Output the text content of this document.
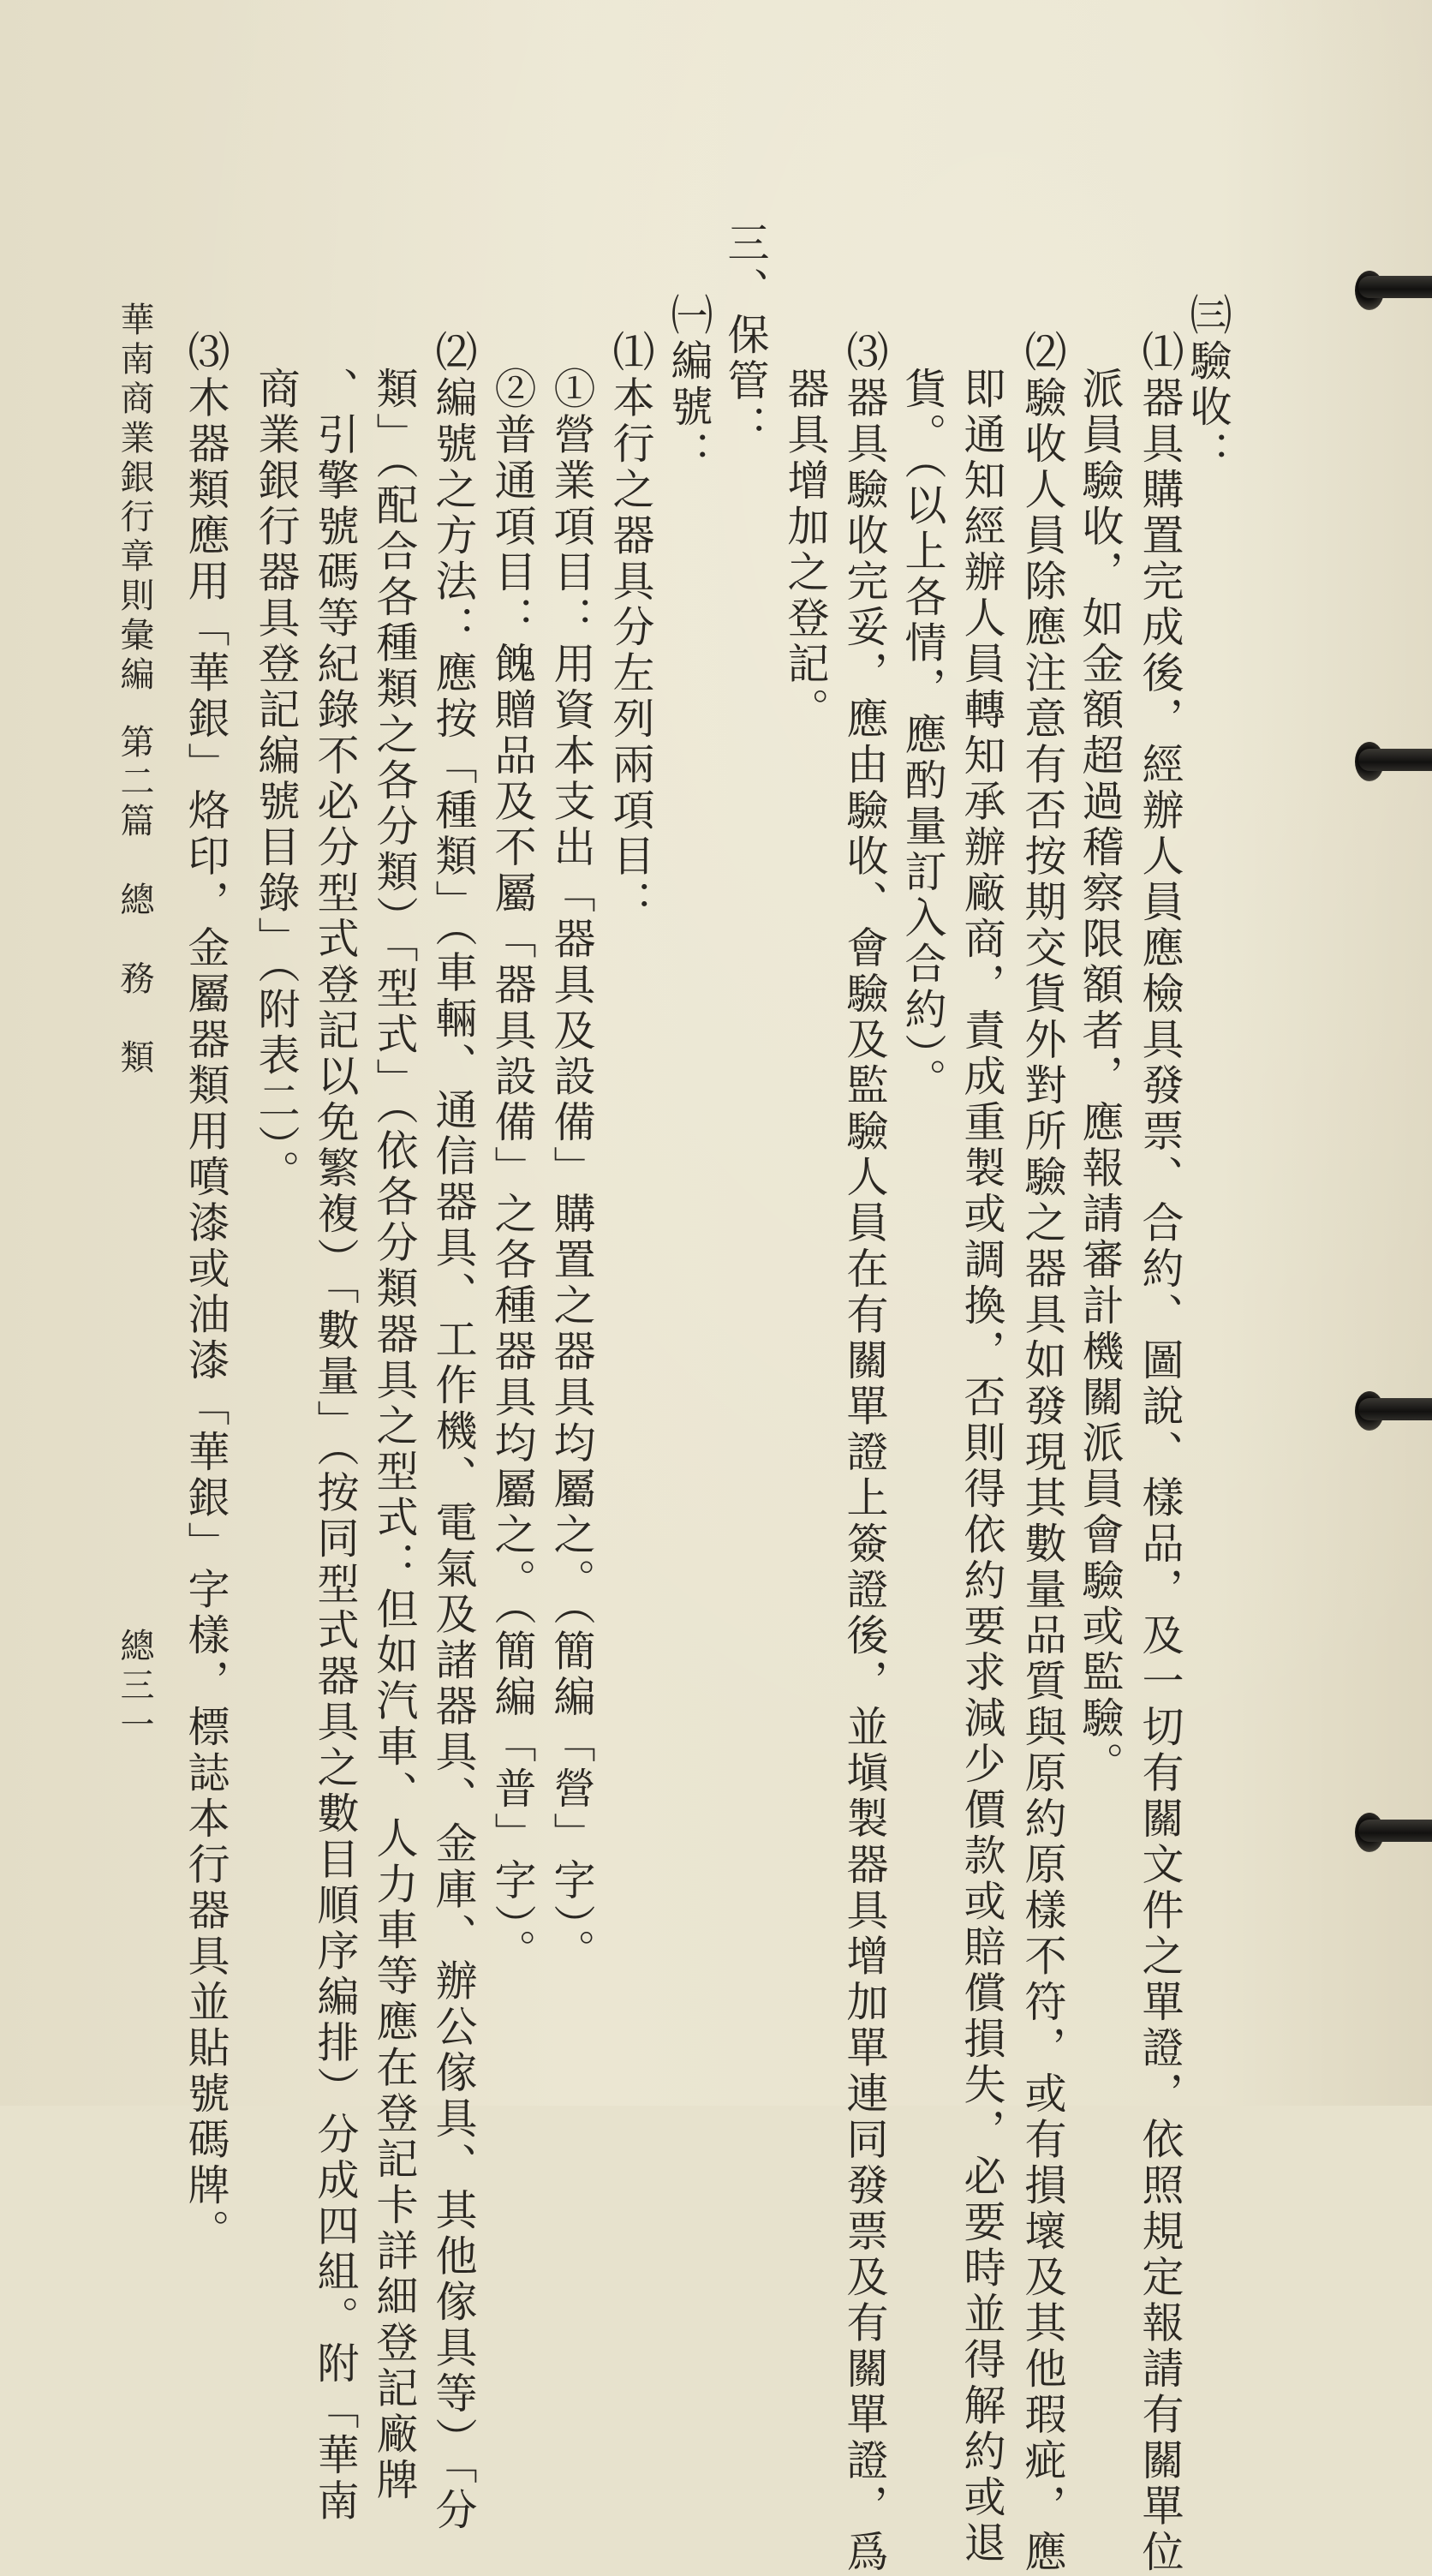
㈢驗收：
⑴器具購置完成後，經辦人員應檢具發票、合約、圖說、樣品，及一切有關文件之單證，依照規定報請有關單位
派員驗收，如金額超過稽察限額者，應報請審計機關派員會驗或監驗。
⑵驗收人員除應注意有否按期交貨外對所驗之器具如發現其數量品質與原約原樣不符，或有損壞及其他瑕疵，應
即通知經辦人員轉知承辦廠商，責成重製或調換，否則得依約要求減少價款或賠償損失，必要時並得解約或退
貨。（以上各情，應酌量訂入合約）。
⑶器具驗收完妥，應由驗收、會驗及監驗人員在有關單證上簽證後，並塡製器具增加單連同發票及有關單證，爲
器具增加之登記。
三、保管：
㈠編號：
⑴本行之器具分左列兩項目：
①營業項目：用資本支出「器具及設備」購置之器具均屬之。（簡編「營」字）。
②普通項目：餽贈品及不屬「器具設備」之各種器具均屬之。（簡編「普」字）。
⑵編號之方法：應按「種類」（車輛、通信器具、工作機、電氣及諸器具、金庫、辦公傢具、其他傢具等）「分
類」（配合各種類之各分類）「型式」（依各分類器具之型式：但如汽車、人力車等應在登記卡詳細登記廠牌
、引擎號碼等紀錄不必分型式登記以免繁複）「數量」（按同型式器具之數目順序編排）分成四組。附「華南
商業銀行器具登記編號目錄」（附表二）。
⑶木器類應用「華銀」烙印，金屬器類用噴漆或油漆「華銀」字樣，標誌本行器具並貼號碼牌。
華南商業銀行章則彙編
第二篇　總　務　類
總三一
